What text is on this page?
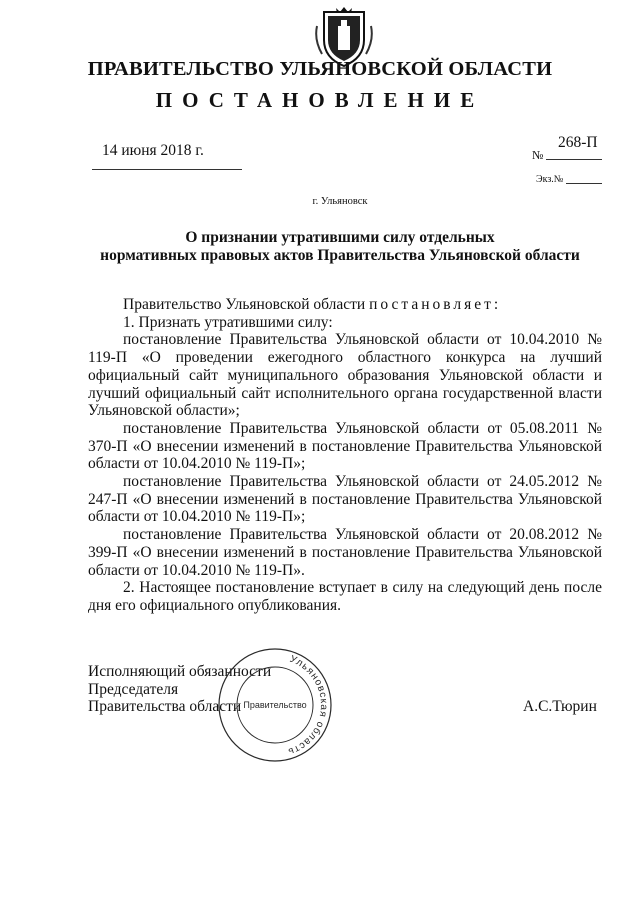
ПРАВИТЕЛЬСТВО УЛЬЯНОВСКОЙ ОБЛАСТИ
ПОСТАНОВЛЕНИЕ
14 июня 2018 г.	№
268-П
Экз.№
г. Ульяновск
О признании утратившими силу отдельных
нормативных правовых актов Правительства Ульяновской области

Правительство Ульяновской области постановляет:

1. Признать утратившими силу:

постановление Правительства Ульяновской области от 10.04.2010 № 119-П «О проведении ежегодного областного конкурса на лучший официальный сайт муниципального образования Ульяновской области и лучший официальный сайт исполнительного органа государственной власти Ульяновской области»;

постановление Правительства Ульяновской области от 05.08.2011 № 370-П «О внесении изменений в постановление Правительства Ульяновской области от 10.04.2010 № 119-П»;

постановление Правительства Ульяновской области от 24.05.2012 № 247-П «О внесении изменений в постановление Правительства Ульяновской области от 10.04.2010 № 119-П»;

постановление Правительства Ульяновской области от 20.08.2012 № 399-П «О внесении изменений в постановление Правительства Ульяновской области от 10.04.2010 № 119-П».

2. Настоящее постановление вступает в силу на следующий день после дня его официального опубликования.

Исполняющий обязанности
Председателя
Правительства области	А.С.Тюрин
Ульяновская область
Правительство
